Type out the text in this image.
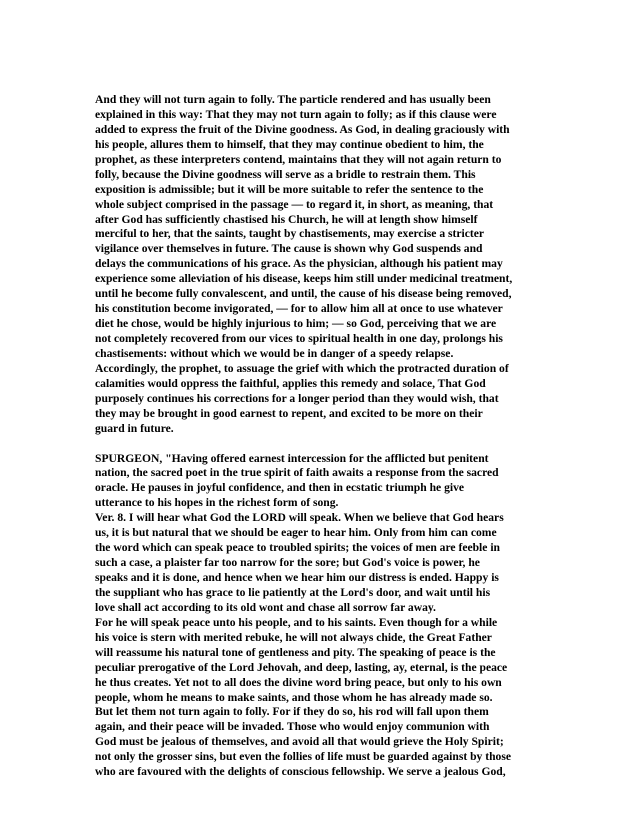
And they will not turn again to folly. The particle rendered and has usually been
explained in this way: That they may not turn again to folly; as if this clause were
added to express the fruit of the Divine goodness. As God, in dealing graciously with
his people, allures them to himself, that they may continue obedient to him, the
prophet, as these interpreters contend, maintains that they will not again return to
folly, because the Divine goodness will serve as a bridle to restrain them. This
exposition is admissible; but it will be more suitable to refer the sentence to the
whole subject comprised in the passage — to regard it, in short, as meaning, that
after God has sufficiently chastised his Church, he will at length show himself
merciful to her, that the saints, taught by chastisements, may exercise a stricter
vigilance over themselves in future. The cause is shown why God suspends and
delays the communications of his grace. As the physician, although his patient may
experience some alleviation of his disease, keeps him still under medicinal treatment,
until he become fully convalescent, and until, the cause of his disease being removed,
his constitution become invigorated, — for to allow him all at once to use whatever
diet he chose, would be highly injurious to him; — so God, perceiving that we are
not completely recovered from our vices to spiritual health in one day, prolongs his
chastisements: without which we would be in danger of a speedy relapse.
Accordingly, the prophet, to assuage the grief with which the protracted duration of
calamities would oppress the faithful, applies this remedy and solace, That God
purposely continues his corrections for a longer period than they would wish, that
they may be brought in good earnest to repent, and excited to be more on their
guard in future.
SPURGEON, "Having offered earnest intercession for the afflicted but penitent
nation, the sacred poet in the true spirit of faith awaits a response from the sacred
oracle. He pauses in joyful confidence, and then in ecstatic triumph he give
utterance to his hopes in the richest form of song.
Ver. 8. I will hear what God the LORD will speak. When we believe that God hears
us, it is but natural that we should be eager to hear him. Only from him can come
the word which can speak peace to troubled spirits; the voices of men are feeble in
such a case, a plaister far too narrow for the sore; but God's voice is power, he
speaks and it is done, and hence when we hear him our distress is ended. Happy is
the suppliant who has grace to lie patiently at the Lord's door, and wait until his
love shall act according to its old wont and chase all sorrow far away.
For he will speak peace unto his people, and to his saints. Even though for a while
his voice is stern with merited rebuke, he will not always chide, the Great Father
will reassume his natural tone of gentleness and pity. The speaking of peace is the
peculiar prerogative of the Lord Jehovah, and deep, lasting, ay, eternal, is the peace
he thus creates. Yet not to all does the divine word bring peace, but only to his own
people, whom he means to make saints, and those whom he has already made so.
But let them not turn again to folly. For if they do so, his rod will fall upon them
again, and their peace will be invaded. Those who would enjoy communion with
God must be jealous of themselves, and avoid all that would grieve the Holy Spirit;
not only the grosser sins, but even the follies of life must be guarded against by those
who are favoured with the delights of conscious fellowship. We serve a jealous God,
